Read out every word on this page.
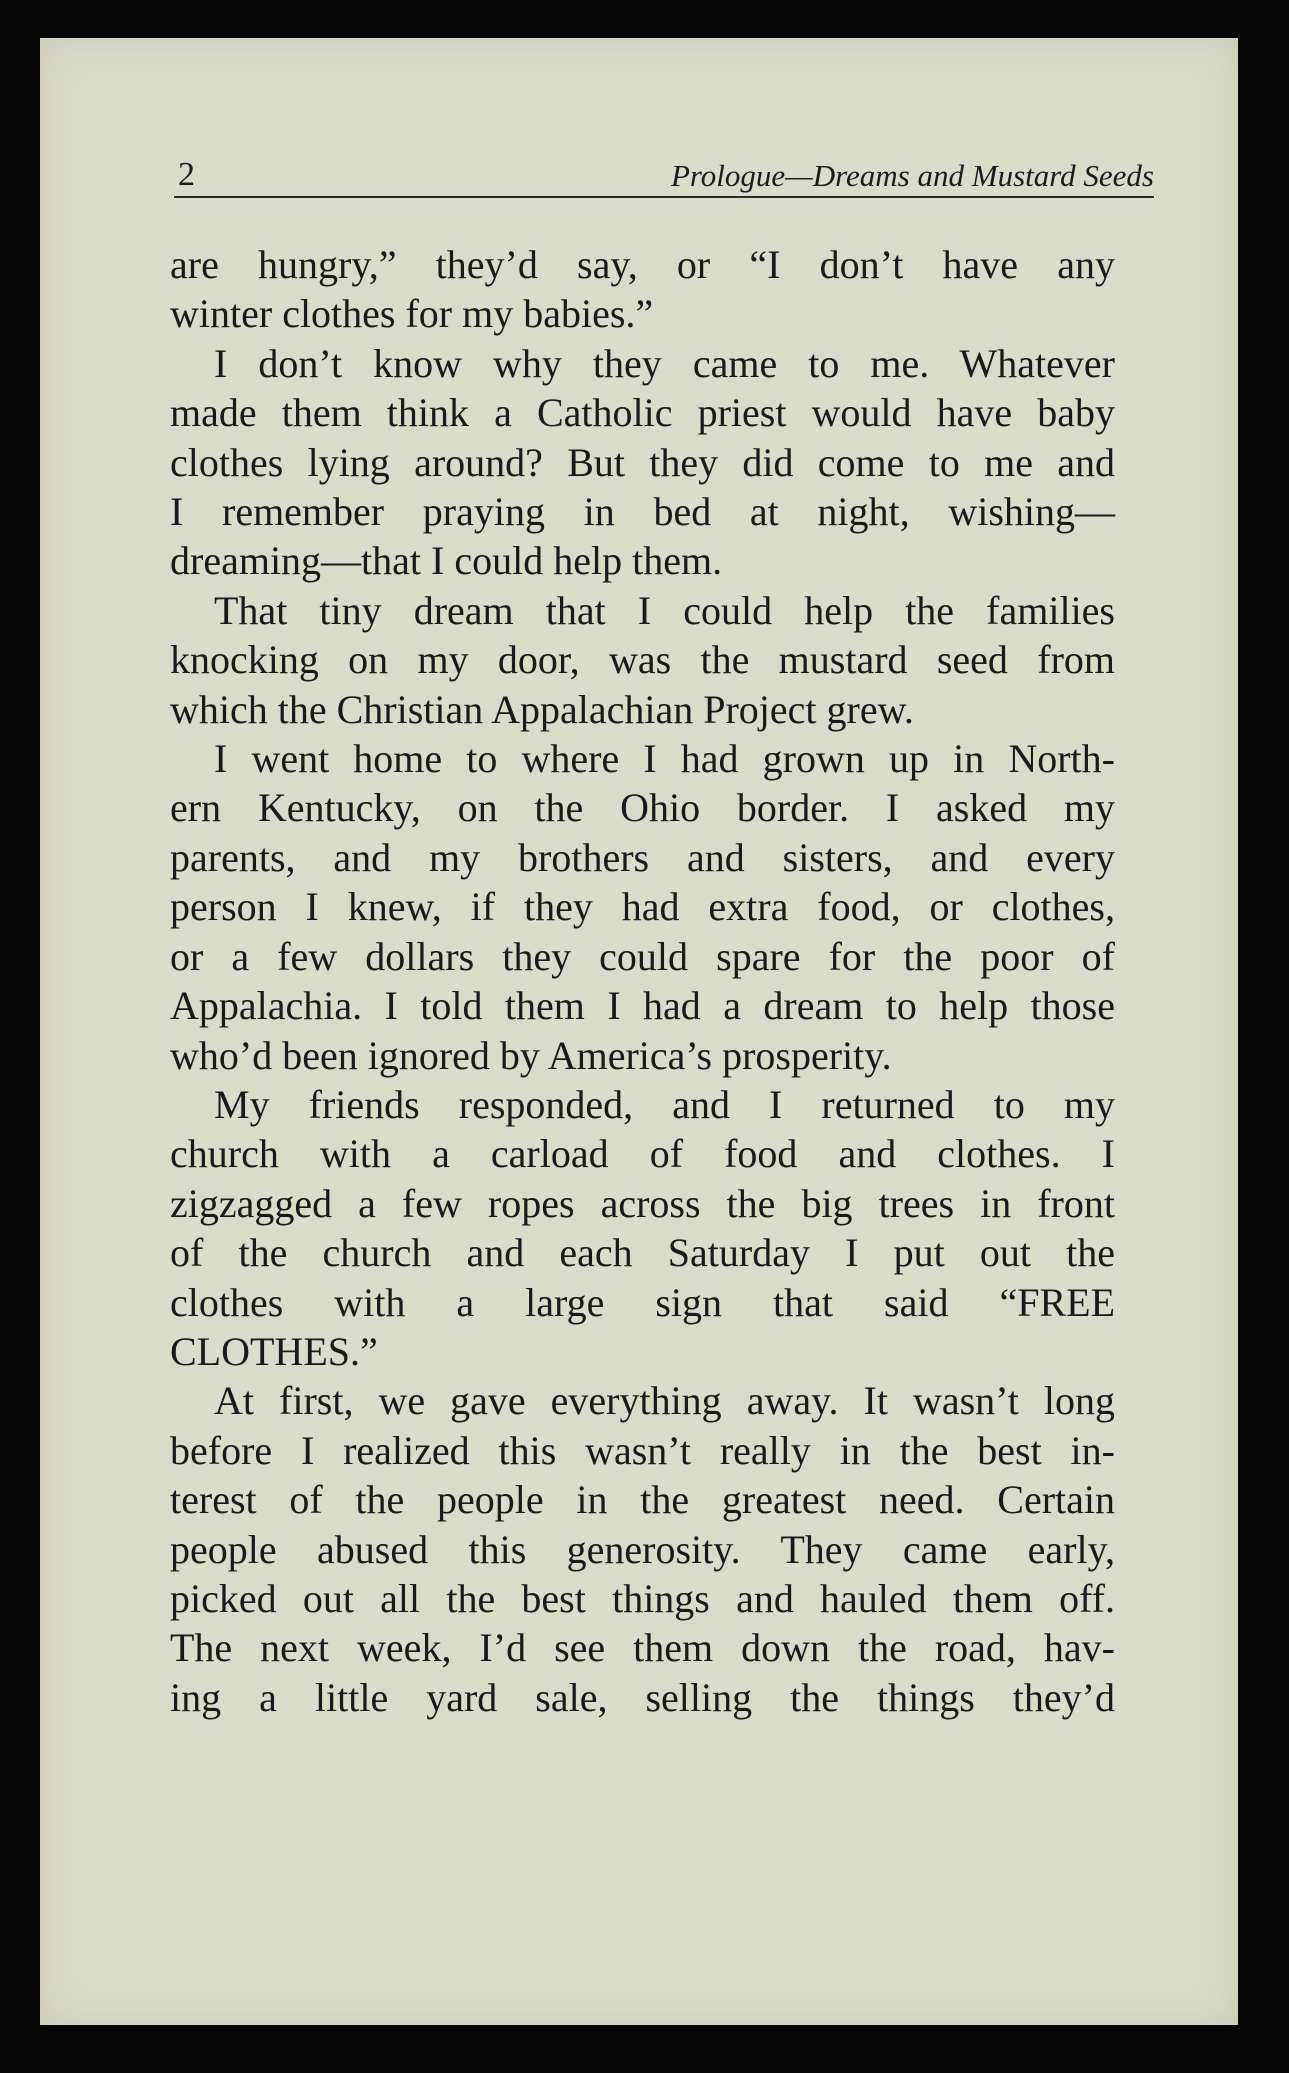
2	Prologue—Dreams and Mustard Seeds
are hungry,” they’d say, or “I don’t have any
winter clothes for my babies.”
I don’t know why they came to me. Whatever
made them think a Catholic priest would have baby
clothes lying around? But they did come to me and
I remember praying in bed at night, wishing—
dreaming—that I could help them.
That tiny dream that I could help the families
knocking on my door, was the mustard seed from
which the Christian Appalachian Project grew.
I went home to where I had grown up in North-
ern Kentucky, on the Ohio border. I asked my
parents, and my brothers and sisters, and every
person I knew, if they had extra food, or clothes,
or a few dollars they could spare for the poor of
Appalachia. I told them I had a dream to help those
who’d been ignored by America’s prosperity.
My friends responded, and I returned to my
church with a carload of food and clothes. I
zigzagged a few ropes across the big trees in front
of the church and each Saturday I put out the
clothes with a large sign that said “FREE
CLOTHES.”
At first, we gave everything away. It wasn’t long
before I realized this wasn’t really in the best in-
terest of the people in the greatest need. Certain
people abused this generosity. They came early,
picked out all the best things and hauled them off.
The next week, I’d see them down the road, hav-
ing a little yard sale, selling the things they’d
